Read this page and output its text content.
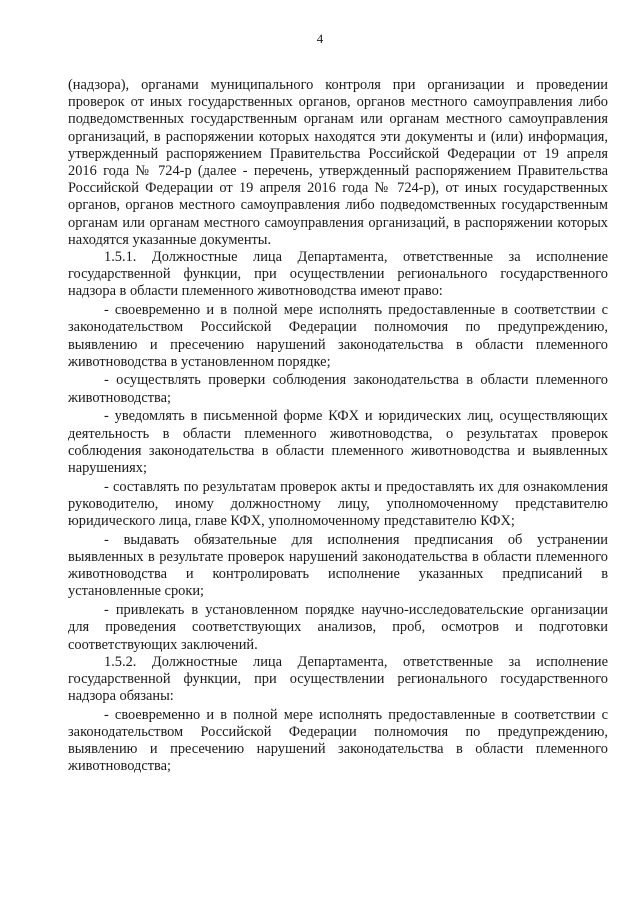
4

(надзора), органами муниципального контроля при организации и проведении проверок от иных государственных органов, органов местного самоуправления либо подведомственных государственным органам или органам местного самоуправления организаций, в распоряжении которых находятся эти документы и (или) информация, утвержденный распоряжением Правительства Российской Федерации от 19 апреля 2016 года № 724-р (далее - перечень, утвержденный распоряжением Правительства Российской Федерации от 19 апреля 2016 года № 724-р), от иных государственных органов, органов местного самоуправления либо подведомственных государственным органам или органам местного самоуправления организаций, в распоряжении которых находятся указанные документы.

1.5.1. Должностные лица Департамента, ответственные за исполнение государственной функции, при осуществлении регионального государственного надзора в области племенного животноводства имеют право:

- своевременно и в полной мере исполнять предоставленные в соответствии с законодательством Российской Федерации полномочия по предупреждению, выявлению и пресечению нарушений законодательства в области племенного животноводства в установленном порядке;

- осуществлять проверки соблюдения законодательства в области племенного животноводства;

- уведомлять в письменной форме КФХ и юридических лиц, осуществляющих деятельность в области племенного животноводства, о результатах проверок соблюдения законодательства в области племенного животноводства и выявленных нарушениях;

- составлять по результатам проверок акты и предоставлять их для ознакомления руководителю, иному должностному лицу, уполномоченному представителю юридического лица, главе КФХ, уполномоченному представителю КФХ;

- выдавать обязательные для исполнения предписания об устранении выявленных в результате проверок нарушений законодательства в области племенного животноводства и контролировать исполнение указанных предписаний в установленные сроки;

- привлекать в установленном порядке научно-исследовательские организации для проведения соответствующих анализов, проб, осмотров и подготовки соответствующих заключений.

1.5.2. Должностные лица Департамента, ответственные за исполнение государственной функции, при осуществлении регионального государственного надзора обязаны:

- своевременно и в полной мере исполнять предоставленные в соответствии с законодательством Российской Федерации полномочия по предупреждению, выявлению и пресечению нарушений законодательства в области племенного животноводства;
